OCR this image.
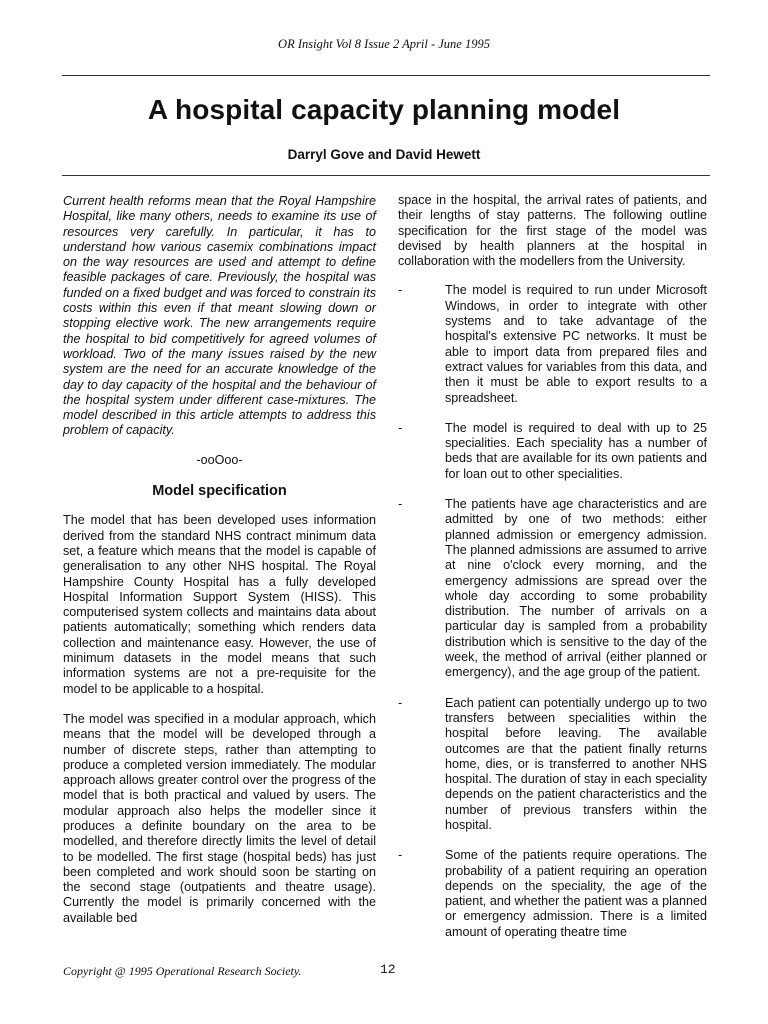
OR Insight Vol 8 Issue 2 April - June 1995
A hospital capacity planning model
Darryl Gove and David Hewett

Current health reforms mean that the Royal Hampshire Hospital, like many others, needs to examine its use of resources very carefully. In particular, it has to understand how various casemix combinations impact on the way resources are used and attempt to define feasible packages of care. Previously, the hospital was funded on a fixed budget and was forced to constrain its costs within this even if that meant slowing down or stopping elective work. The new arrangements require the hospital to bid competitively for agreed volumes of workload. Two of the many issues raised by the new system are the need for an accurate knowledge of the day to day capacity of the hospital and the behaviour of the hospital system under different case-mixtures. The model described in this article attempts to address this problem of capacity.

-ooOoo-

Model specification

The model that has been developed uses information derived from the standard NHS contract minimum data set, a feature which means that the model is capable of generalisation to any other NHS hospital. The Royal Hampshire County Hospital has a fully developed Hospital Information Support System (HISS). This computerised system collects and maintains data about patients automatically; something which renders data collection and maintenance easy. However, the use of minimum datasets in the model means that such information systems are not a pre-requisite for the model to be applicable to a hospital.

The model was specified in a modular approach, which means that the model will be developed through a number of discrete steps, rather than attempting to produce a completed version immediately. The modular approach allows greater control over the progress of the model that is both practical and valued by users. The modular approach also helps the modeller since it produces a definite boundary on the area to be modelled, and therefore directly limits the level of detail to be modelled. The first stage (hospital beds) has just been completed and work should soon be starting on the second stage (outpatients and theatre usage). Currently the model is primarily concerned with the available bed

space in the hospital, the arrival rates of patients, and their lengths of stay patterns. The following outline specification for the first stage of the model was devised by health planners at the hospital in collaboration with the modellers from the University.

-	The model is required to run under Microsoft Windows, in order to integrate with other systems and to take advantage of the hospital's extensive PC networks. It must be able to import data from prepared files and extract values for variables from this data, and then it must be able to export results to a spreadsheet.
-	The model is required to deal with up to 25 specialities. Each speciality has a number of beds that are available for its own patients and for loan out to other specialities.
-	The patients have age characteristics and are admitted by one of two methods: either planned admission or emergency admission. The planned admissions are assumed to arrive at nine o'clock every morning, and the emergency admissions are spread over the whole day according to some probability distribution. The number of arrivals on a particular day is sampled from a probability distribution which is sensitive to the day of the week, the method of arrival (either planned or emergency), and the age group of the patient.
-	Each patient can potentially undergo up to two transfers between specialities within the hospital before leaving. The available outcomes are that the patient finally returns home, dies, or is transferred to another NHS hospital. The duration of stay in each speciality depends on the patient characteristics and the number of previous transfers within the hospital.
-	Some of the patients require operations. The probability of a patient requiring an operation depends on the speciality, the age of the patient, and whether the patient was a planned or emergency admission. There is a limited amount of operating theatre time
Copyright @ 1995 Operational Research Society.	12
